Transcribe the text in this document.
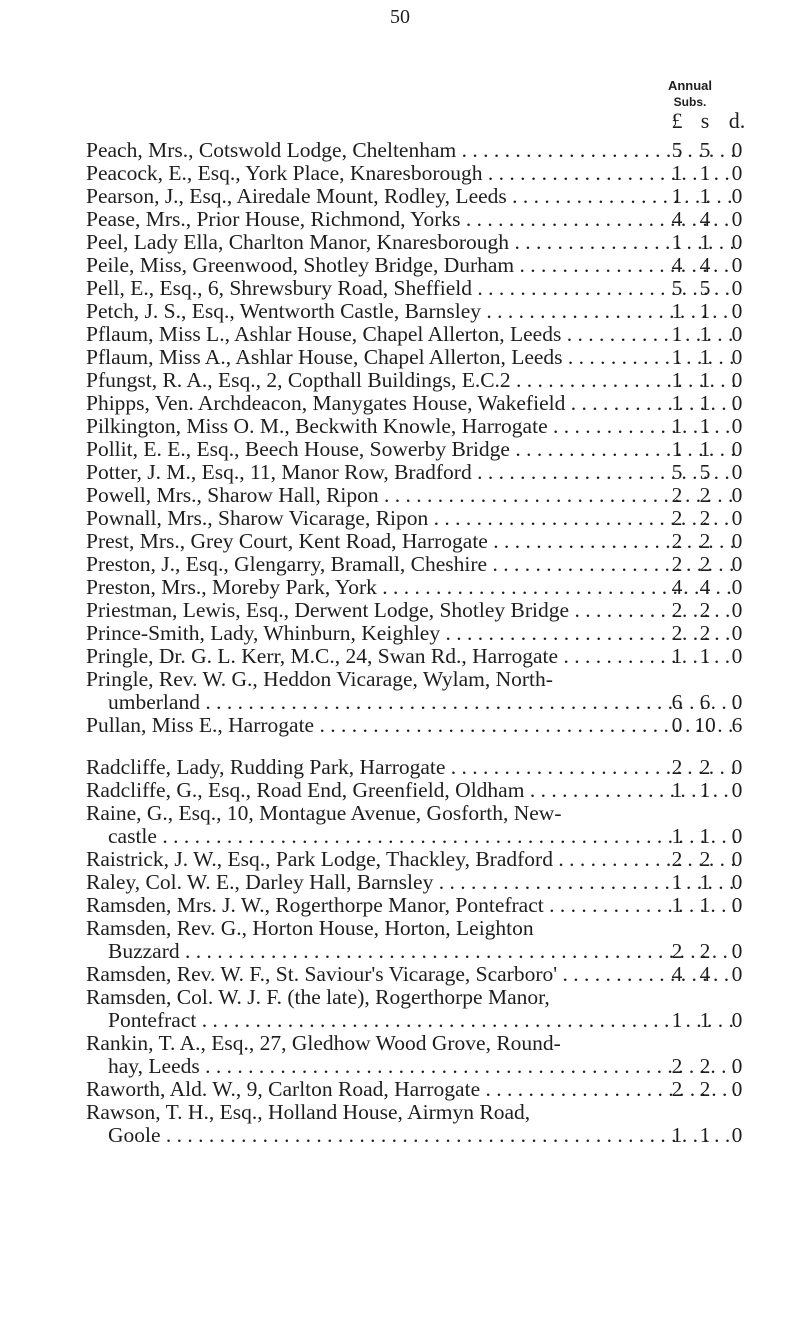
50
Annual
Subs.
£ s d.
Peach, Mrs., Cotswold Lodge, Cheltenham . . .	5 5 0
Peacock, E., Esq., York Place, Knaresborough . . .	1 1 0
Pearson, J., Esq., Airedale Mount, Rodley, Leeds . . .	1 1 0
Pease, Mrs., Prior House, Richmond, Yorks . . .	4 4 0
Peel, Lady Ella, Charlton Manor, Knaresborough . . .	1 1 0
Peile, Miss, Greenwood, Shotley Bridge, Durham . . .	4 4 0
Pell, E., Esq., 6, Shrewsbury Road, Sheffield . . .	5 5 0
Petch, J. S., Esq., Wentworth Castle, Barnsley . . .	1 1 0
Pflaum, Miss L., Ashlar House, Chapel Allerton, Leeds . . .	1 1 0
Pflaum, Miss A., Ashlar House, Chapel Allerton, Leeds . . .	1 1 0
Pfungst, R. A., Esq., 2, Copthall Buildings, E.C.2 . . .	1 1 0
Phipps, Ven. Archdeacon, Manygates House, Wakefield . . .	1 1 0
Pilkington, Miss O. M., Beckwith Knowle, Harrogate . . .	1 1 0
Pollit, E. E., Esq., Beech House, Sowerby Bridge . . .	1 1 0
Potter, J. M., Esq., 11, Manor Row, Bradford . . .	5 5 0
Powell, Mrs., Sharow Hall, Ripon . . .	2 2 0
Pownall, Mrs., Sharow Vicarage, Ripon . . .	2 2 0
Prest, Mrs., Grey Court, Kent Road, Harrogate . . .	2 2 0
Preston, J., Esq., Glengarry, Bramall, Cheshire . . .	2 2 0
Preston, Mrs., Moreby Park, York . . .	4 4 0
Priestman, Lewis, Esq., Derwent Lodge, Shotley Bridge . . .	2 2 0
Prince-Smith, Lady, Whinburn, Keighley . . .	2 2 0
Pringle, Dr. G. L. Kerr, M.C., 24, Swan Rd., Harrogate . . .	1 1 0
Pringle, Rev. W. G., Heddon Vicarage, Wylam, North-
umberland . . .	6 6 0
Pullan, Miss E., Harrogate . . .	0 10 6
Radcliffe, Lady, Rudding Park, Harrogate . . .	2 2 0
Radcliffe, G., Esq., Road End, Greenfield, Oldham . . .	1 1 0
Raine, G., Esq., 10, Montague Avenue, Gosforth, New-
castle . . .	1 1 0
Raistrick, J. W., Esq., Park Lodge, Thackley, Bradford . . .	2 2 0
Raley, Col. W. E., Darley Hall, Barnsley . . .	1 1 0
Ramsden, Mrs. J. W., Rogerthorpe Manor, Pontefract . . .	1 1 0
Ramsden, Rev. G., Horton House, Horton, Leighton
Buzzard . . .	2 2 0
Ramsden, Rev. W. F., St. Saviour's Vicarage, Scarboro' . . .	4 4 0
Ramsden, Col. W. J. F. (the late), Rogerthorpe Manor,
Pontefract . . .	1 1 0
Rankin, T. A., Esq., 27, Gledhow Wood Grove, Round-
hay, Leeds . . .	2 2 0
Raworth, Ald. W., 9, Carlton Road, Harrogate . . .	2 2 0
Rawson, T. H., Esq., Holland House, Airmyn Road,
Goole . . .	1 1 0
